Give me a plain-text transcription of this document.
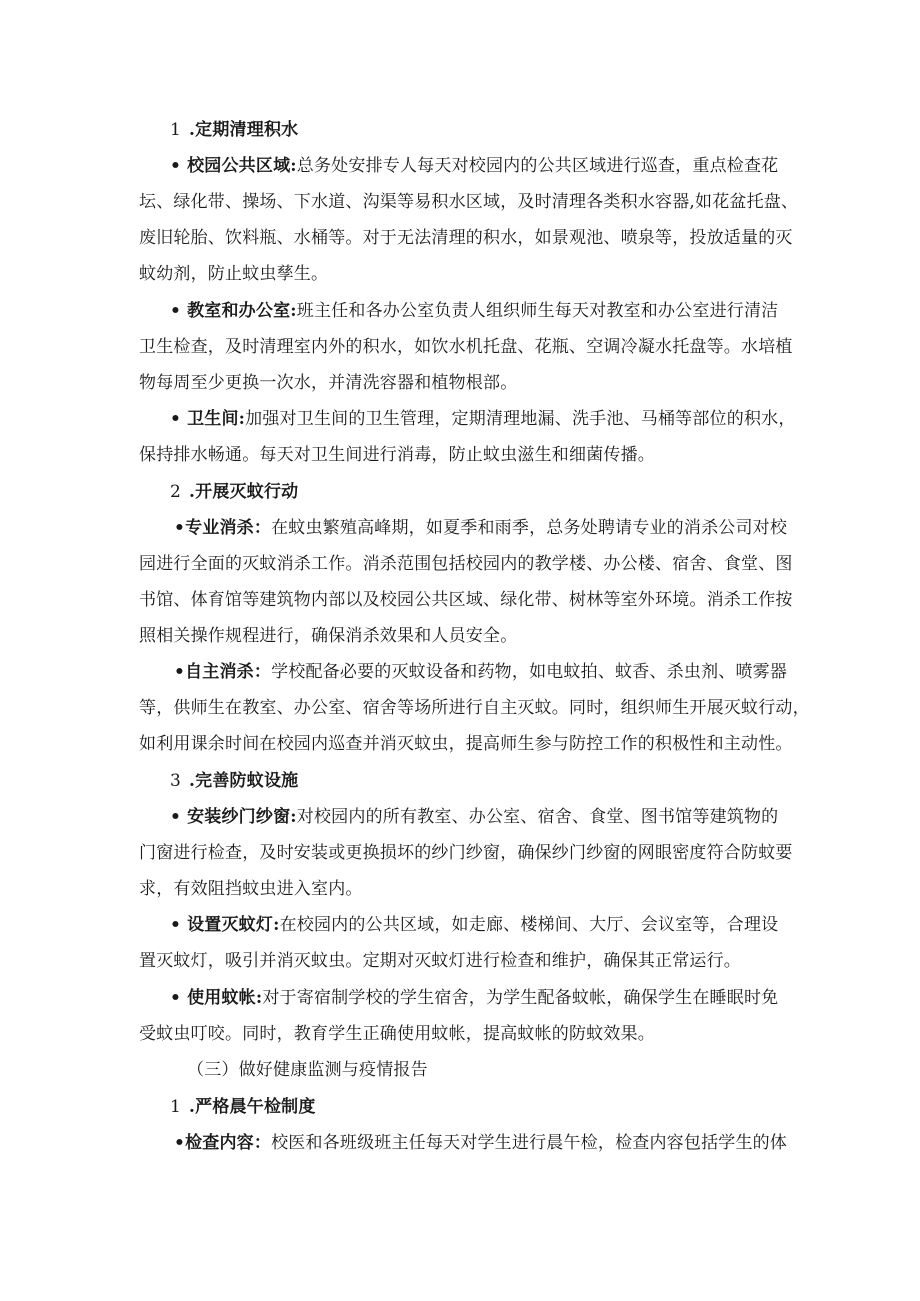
1 .定期清理积水
• 校园公共区域:总务处安排专人每天对校园内的公共区域进行巡查，重点检查花
坛、绿化带、操场、下水道、沟渠等易积水区域，及时清理各类积水容器,如花盆托盘、
废旧轮胎、饮料瓶、水桶等。对于无法清理的积水，如景观池、喷泉等，投放适量的灭
蚊幼剂，防止蚊虫孳生。
• 教室和办公室:班主任和各办公室负责人组织师生每天对教室和办公室进行清洁
卫生检查，及时清理室内外的积水，如饮水机托盘、花瓶、空调冷凝水托盘等。水培植
物每周至少更换一次水，并清洗容器和植物根部。
• 卫生间:加强对卫生间的卫生管理，定期清理地漏、洗手池、马桶等部位的积水，
保持排水畅通。每天对卫生间进行消毒，防止蚊虫滋生和细菌传播。
2 .开展灭蚊行动
•专业消杀：在蚊虫繁殖高峰期，如夏季和雨季，总务处聘请专业的消杀公司对校
园进行全面的灭蚊消杀工作。消杀范围包括校园内的教学楼、办公楼、宿舍、食堂、图
书馆、体育馆等建筑物内部以及校园公共区域、绿化带、树林等室外环境。消杀工作按
照相关操作规程进行，确保消杀效果和人员安全。
•自主消杀：学校配备必要的灭蚊设备和药物，如电蚊拍、蚊香、杀虫剂、喷雾器
等，供师生在教室、办公室、宿舍等场所进行自主灭蚊。同时，组织师生开展灭蚊行动，
如利用课余时间在校园内巡查并消灭蚊虫，提高师生参与防控工作的积极性和主动性。
3 .完善防蚊设施
• 安装纱门纱窗:对校园内的所有教室、办公室、宿舍、食堂、图书馆等建筑物的
门窗进行检查，及时安装或更换损坏的纱门纱窗，确保纱门纱窗的网眼密度符合防蚊要
求，有效阻挡蚊虫进入室内。
• 设置灭蚊灯:在校园内的公共区域，如走廊、楼梯间、大厅、会议室等，合理设
置灭蚊灯，吸引并消灭蚊虫。定期对灭蚊灯进行检查和维护，确保其正常运行。
• 使用蚊帐:对于寄宿制学校的学生宿舍，为学生配备蚊帐，确保学生在睡眠时免
受蚊虫叮咬。同时，教育学生正确使用蚊帐，提高蚊帐的防蚊效果。
（三）做好健康监测与疫情报告
1 .严格晨午检制度
•检查内容：校医和各班级班主任每天对学生进行晨午检，检查内容包括学生的体
